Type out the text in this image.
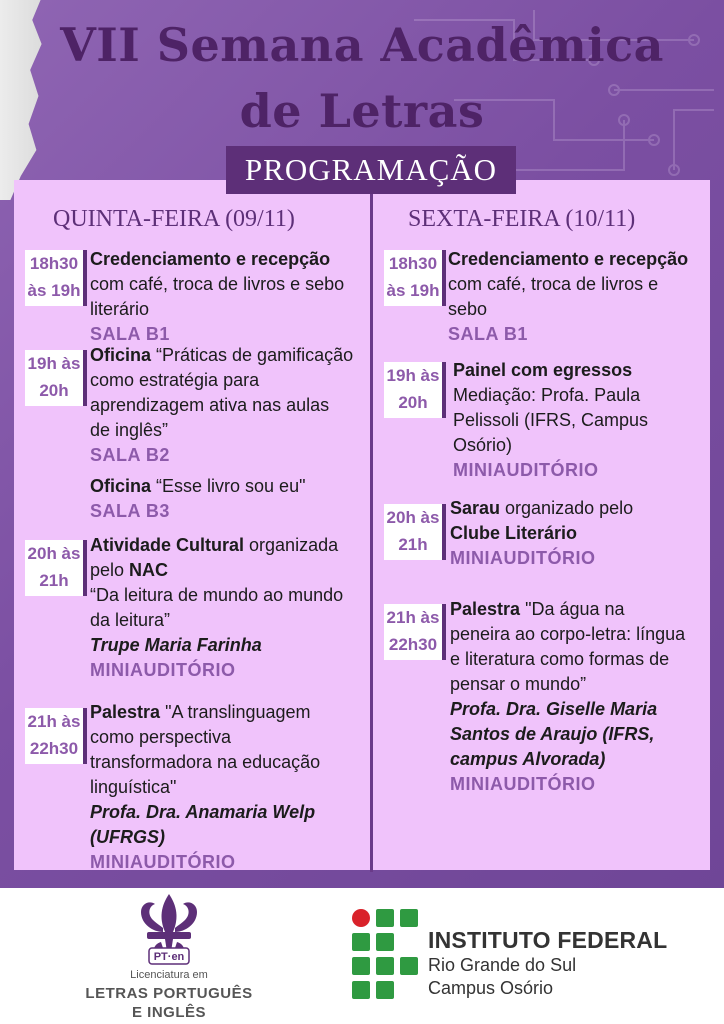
VII Semana Acadêmica
de Letras
PROGRAMAÇÃO
QUINTA-FEIRA (09/11)
18h30
às 19h
Credenciamento e recepção
com café, troca de livros e sebo
literário
SALA B1
19h às
20h
Oficina “Práticas de gamificação
como estratégia para
aprendizagem ativa nas aulas
de inglês”
SALA B2
Oficina “Esse livro sou eu"
SALA B3
20h às
21h
Atividade Cultural organizada
pelo NAC
“Da leitura de mundo ao mundo
da leitura”
Trupe Maria Farinha
MINIAUDITÓRIO
21h às
22h30
Palestra "A translinguagem
como perspectiva
transformadora na educação
linguística"
Profa. Dra. Anamaria Welp
(UFRGS)
MINIAUDITÓRIO
SEXTA-FEIRA (10/11)
18h30
às 19h
Credenciamento e recepção
com café, troca de livros e
sebo
SALA B1
19h às
20h
Painel com egressos
Mediação: Profa. Paula
Pelissoli (IFRS, Campus
Osório)
MINIAUDITÓRIO
20h às
21h
Sarau organizado pelo
Clube Literário
MINIAUDITÓRIO
21h às
22h30
Palestra "Da água na
peneira ao corpo-letra: língua
e literatura como formas de
pensar o mundo”
Profa. Dra. Giselle Maria
Santos de Araujo (IFRS,
campus Alvorada)
MINIAUDITÓRIO
PT·en
Licenciatura em
LETRAS PORTUGUÊS
E INGLÊS
INSTITUTO FEDERAL
Rio Grande do Sul
Campus Osório
